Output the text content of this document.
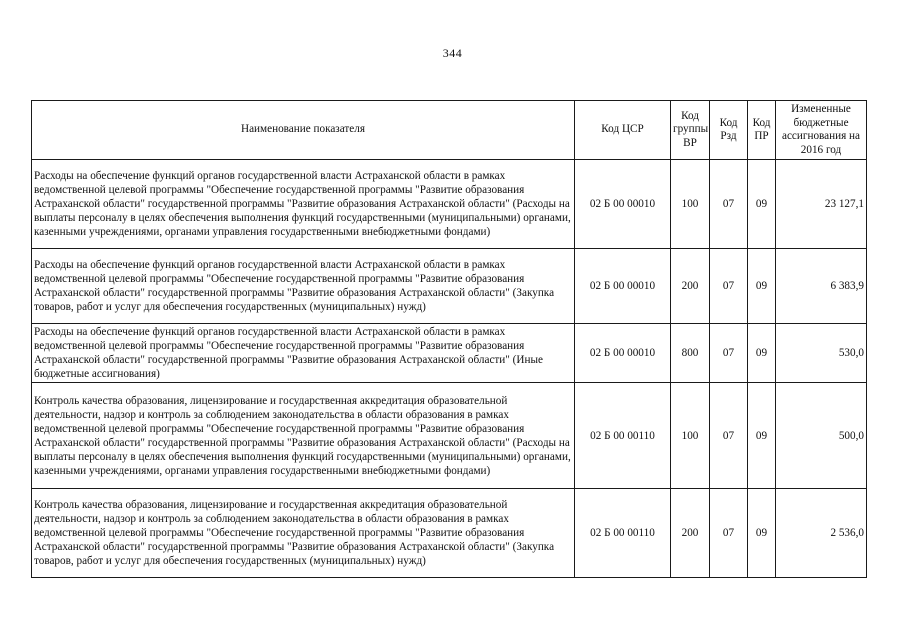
344
Наименование показателя	Код ЦСР	Код группы ВР	Код Рзд	Код ПР	Измененные бюджетные ассигнования на 2016 год
Расходы на обеспечение функций органов государственной власти Астраханской области в рамках ведомственной целевой программы "Обеспечение государственной программы "Развитие образования Астраханской области" государственной программы "Развитие образования Астраханской области" (Расходы на выплаты персоналу в целях обеспечения выполнения функций государственными (муниципальными) органами, казенными учреждениями, органами управления государственными внебюджетными фондами)	02 Б 00 00010	100	07	09	23 127,1
Расходы на обеспечение функций органов государственной власти Астраханской области в рамках ведомственной целевой программы "Обеспечение государственной программы "Развитие образования Астраханской области" государственной программы "Развитие образования Астраханской области" (Закупка товаров, работ и услуг для обеспечения государственных (муниципальных) нужд)	02 Б 00 00010	200	07	09	6 383,9
Расходы на обеспечение функций органов государственной власти Астраханской области в рамках ведомственной целевой программы "Обеспечение государственной программы "Развитие образования Астраханской области" государственной программы "Развитие образования Астраханской области" (Иные бюджетные ассигнования)	02 Б 00 00010	800	07	09	530,0
Контроль качества образования, лицензирование и государственная аккредитация образовательной деятельности, надзор и контроль за соблюдением законодательства в области образования в рамках ведомственной целевой программы "Обеспечение государственной программы "Развитие образования Астраханской области" государственной программы "Развитие образования Астраханской области" (Расходы на выплаты персоналу в целях обеспечения выполнения функций государственными (муниципальными) органами, казенными учреждениями, органами управления государственными внебюджетными фондами)	02 Б 00 00110	100	07	09	500,0
Контроль качества образования, лицензирование и государственная аккредитация образовательной деятельности, надзор и контроль за соблюдением законодательства в области образования в рамках ведомственной целевой программы "Обеспечение государственной программы "Развитие образования Астраханской области" государственной программы "Развитие образования Астраханской области" (Закупка товаров, работ и услуг для обеспечения государственных (муниципальных) нужд)	02 Б 00 00110	200	07	09	2 536,0
